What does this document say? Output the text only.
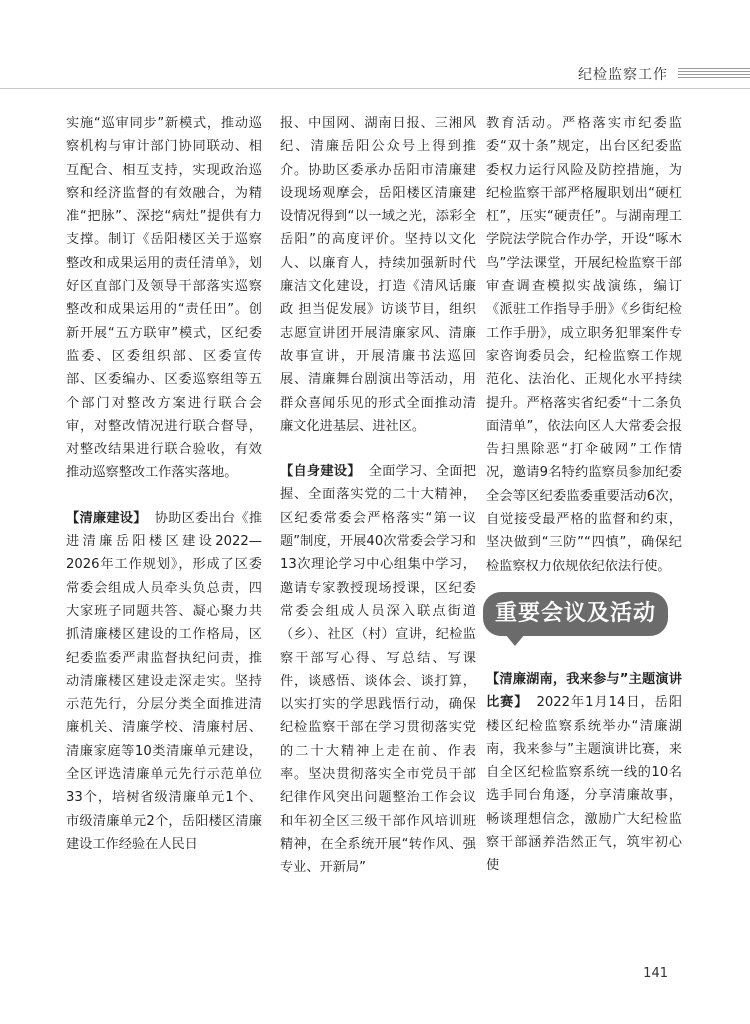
纪检监察工作

实施“巡审同步”新模式，推动巡察机构与审计部门协同联动、相互配合、相互支持，实现政治巡察和经济监督的有效融合，为精准“把脉”、深挖“病灶”提供有力支撑。制订《岳阳楼区关于巡察整改和成果运用的责任清单》，划好区直部门及领导干部落实巡察整改和成果运用的“责任田”。创新开展“五方联审”模式，区纪委监委、区委组织部、区委宣传部、区委编办、区委巡察组等五个部门对整改方案进行联合会审，对整改情况进行联合督导，对整改结果进行联合验收，有效推动巡察整改工作落实落地。

【清廉建设】 协助区委出台《推进清廉岳阳楼区建设2022—2026年工作规划》，形成了区委常委会组成人员牵头负总责，四大家班子同题共答、凝心聚力共抓清廉楼区建设的工作格局，区纪委监委严肃监督执纪问责，推动清廉楼区建设走深走实。坚持示范先行，分层分类全面推进清廉机关、清廉学校、清廉村居、清廉家庭等10类清廉单元建设，全区评选清廉单元先行示范单位33个，培树省级清廉单元1个、市级清廉单元2个，岳阳楼区清廉建设工作经验在人民日

报、中国网、湖南日报、三湘风纪、清廉岳阳公众号上得到推介。协助区委承办岳阳市清廉建设现场观摩会，岳阳楼区清廉建设情况得到“以一域之光，添彩全岳阳”的高度评价。坚持以文化人、以廉育人，持续加强新时代廉洁文化建设，打造《清风话廉政 担当促发展》访谈节目，组织志愿宣讲团开展清廉家风、清廉故事宣讲，开展清廉书法巡回展、清廉舞台剧演出等活动，用群众喜闻乐见的形式全面推动清廉文化进基层、进社区。

【自身建设】 全面学习、全面把握、全面落实党的二十大精神，区纪委常委会严格落实“第一议题”制度，开展40次常委会学习和13次理论学习中心组集中学习，邀请专家教授现场授课，区纪委常委会组成人员深入联点街道（乡）、社区（村）宣讲，纪检监察干部写心得、写总结、写课件，谈感悟、谈体会、谈打算，以实打实的学思践悟行动，确保纪检监察干部在学习贯彻落实党的二十大精神上走在前、作表率。坚决贯彻落实全市党员干部纪律作风突出问题整治工作会议和年初全区三级干部作风培训班精神，在全系统开展“转作风、强专业、开新局”

教育活动。严格落实市纪委监委“双十条”规定，出台区纪委监委权力运行风险及防控措施，为纪检监察干部严格履职划出“硬杠杠”，压实“硬责任”。与湖南理工学院法学院合作办学，开设“啄木鸟”学法课堂，开展纪检监察干部审查调查模拟实战演练，编订《派驻工作指导手册》《乡街纪检工作手册》，成立职务犯罪案件专家咨询委员会，纪检监察工作规范化、法治化、正规化水平持续提升。严格落实省纪委“十二条负面清单”，依法向区人大常委会报告扫黑除恶“打伞破网”工作情况，邀请9名特约监察员参加纪委全会等区纪委监委重要活动6次，自觉接受最严格的监督和约束，坚决做到“三防”“四慎”，确保纪检监察权力依规依纪依法行使。

重要会议及活动

【清廉湖南，我来参与”主题演讲比赛】 2022年1月14日，岳阳楼区纪检监察系统举办“清廉湖南，我来参与”主题演讲比赛，来自全区纪检监察系统一线的10名选手同台角逐，分享清廉故事，畅谈理想信念，激励广大纪检监察干部涵养浩然正气，筑牢初心使

141
